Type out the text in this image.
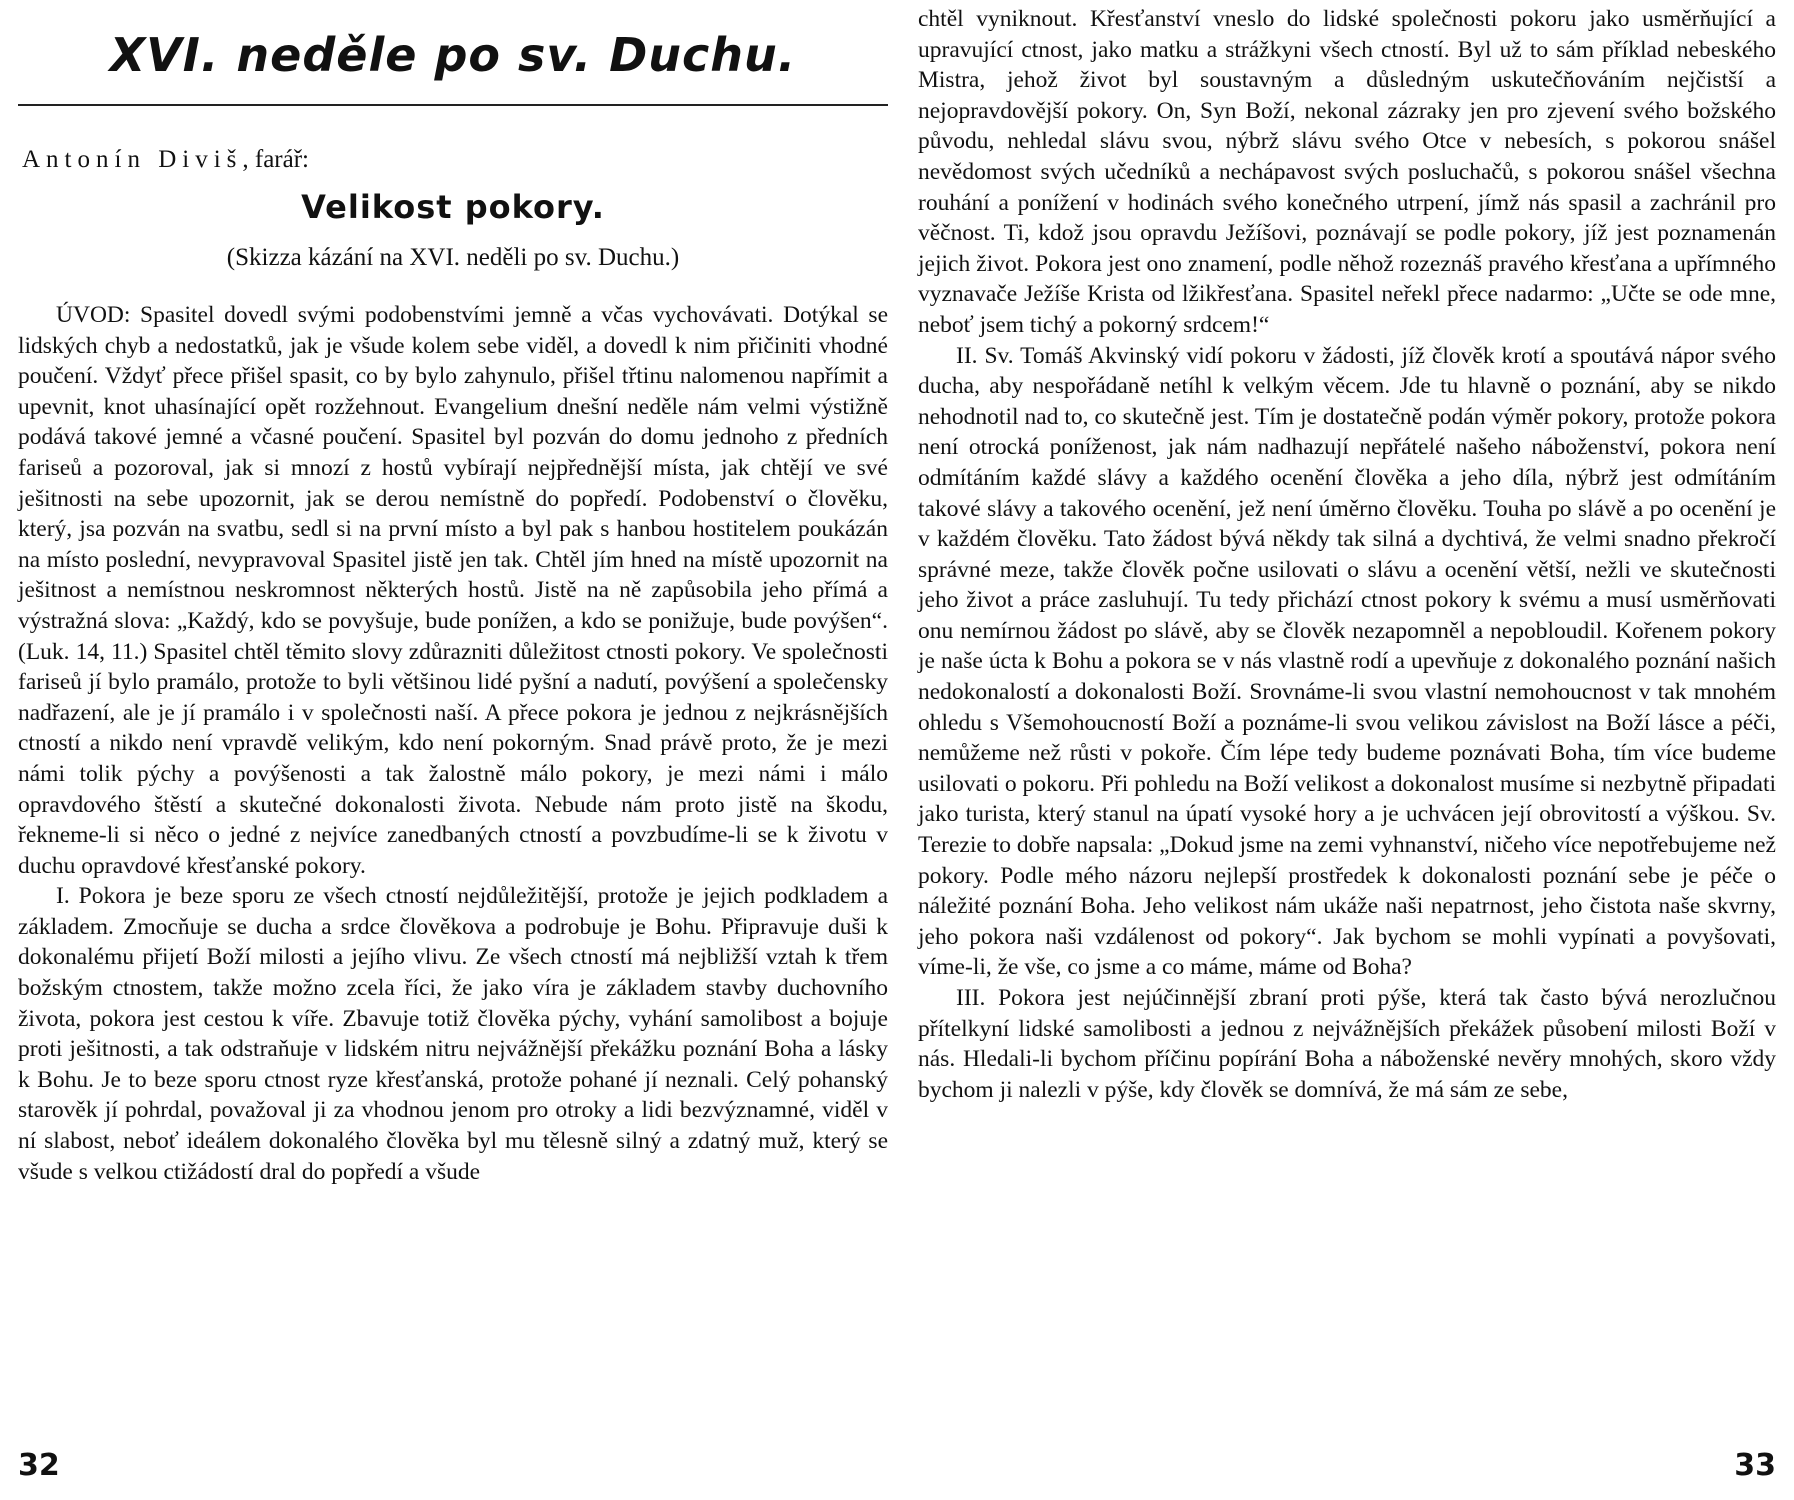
XVI. neděle po sv. Duchu.
Antonín Diviš, farář:
Velikost pokory.
(Skizza kázání na XVI. neděli po sv. Duchu.)

ÚVOD: Spasitel dovedl svými podobenstvími jemně a včas vychovávati. Dotýkal se lidských chyb a nedostatků, jak je všude kolem sebe viděl, a dovedl k nim přičiniti vhodné poučení. Vždyť přece přišel spasit, co by bylo zahynulo, přišel třtinu nalomenou napřímit a upevnit, knot uhasínající opět rozžehnout. Evangelium dnešní neděle nám velmi výstižně podává takové jemné a včasné poučení. Spasitel byl pozván do domu jednoho z předních fariseů a pozoroval, jak si mnozí z hostů vybírají nejpřednější místa, jak chtějí ve své ješitnosti na sebe upozornit, jak se derou nemístně do popředí. Podobenství o člověku, který, jsa pozván na svatbu, sedl si na první místo a byl pak s hanbou hostitelem poukázán na místo poslední, nevypravoval Spasitel jistě jen tak. Chtěl jím hned na místě upozornit na ješitnost a nemístnou neskromnost některých hostů. Jistě na ně zapůsobila jeho přímá a výstražná slova: „Každý, kdo se povyšuje, bude ponížen, a kdo se ponižuje, bude povýšen“. (Luk. 14, 11.) Spasitel chtěl těmito slovy zdůrazniti důležitost ctnosti pokory. Ve společnosti fariseů jí bylo pramálo, protože to byli většinou lidé pyšní a nadutí, povýšení a společensky nadřazení, ale je jí pramálo i v společnosti naší. A přece pokora je jednou z nejkrásnějších ctností a nikdo není vpravdě velikým, kdo není pokorným. Snad právě proto, že je mezi námi tolik pýchy a povýšenosti a tak žalostně málo pokory, je mezi námi i málo opravdového štěstí a skutečné dokonalosti života. Nebude nám proto jistě na škodu, řekneme-li si něco o jedné z nejvíce zanedbaných ctností a povzbudíme-li se k životu v duchu opravdové křesťanské pokory.

I. Pokora je beze sporu ze všech ctností nejdůležitější, protože je jejich podkladem a základem. Zmocňuje se ducha a srdce člověkova a podrobuje je Bohu. Připravuje duši k dokonalému přijetí Boží milosti a jejího vlivu. Ze všech ctností má nejbližší vztah k třem božským ctnostem, takže možno zcela říci, že jako víra je základem stavby duchovního života, pokora jest cestou k víře. Zbavuje totiž člověka pýchy, vyhání samolibost a bojuje proti ješitnosti, a tak odstraňuje v lidském nitru nejvážnější překážku poznání Boha a lásky k Bohu. Je to beze sporu ctnost ryze křesťanská, protože pohané jí neznali. Celý pohanský starověk jí pohrdal, považoval ji za vhodnou jenom pro otroky a lidi bezvýznamné, viděl v ní slabost, neboť ideálem dokonalého člověka byl mu tělesně silný a zdatný muž, který se všude s velkou ctižádostí dral do popředí a všude

32

chtěl vyniknout. Křesťanství vneslo do lidské společnosti pokoru jako usměrňující a upravující ctnost, jako matku a strážkyni všech ctností. Byl už to sám příklad nebeského Mistra, jehož život byl soustavným a důsledným uskutečňováním nejčistší a nejopravdovější pokory. On, Syn Boží, nekonal zázraky jen pro zjevení svého božského původu, nehledal slávu svou, nýbrž slávu svého Otce v nebesích, s pokorou snášel nevědomost svých učedníků a nechápavost svých posluchačů, s pokorou snášel všechna rouhání a ponížení v hodinách svého konečného utrpení, jímž nás spasil a zachránil pro věčnost. Ti, kdož jsou opravdu Ježíšovi, poznávají se podle pokory, jíž jest poznamenán jejich život. Pokora jest ono znamení, podle něhož rozeznáš pravého křesťana a upřímného vyznavače Ježíše Krista od lžikřesťana. Spasitel neřekl přece nadarmo: „Učte se ode mne, neboť jsem tichý a pokorný srdcem!“

II. Sv. Tomáš Akvinský vidí pokoru v žádosti, jíž člověk krotí a spoutává nápor svého ducha, aby nespořádaně netíhl k velkým věcem. Jde tu hlavně o poznání, aby se nikdo nehodnotil nad to, co skutečně jest. Tím je dostatečně podán výměr pokory, protože pokora není otrocká poníženost, jak nám nadhazují nepřátelé našeho náboženství, pokora není odmítáním každé slávy a každého ocenění člověka a jeho díla, nýbrž jest odmítáním takové slávy a takového ocenění, jež není úměrno člověku. Touha po slávě a po ocenění je v každém člověku. Tato žádost bývá někdy tak silná a dychtivá, že velmi snadno překročí správné meze, takže člověk počne usilovati o slávu a ocenění větší, nežli ve skutečnosti jeho život a práce zasluhují. Tu tedy přichází ctnost pokory k svému a musí usměrňovati onu nemírnou žádost po slávě, aby se člověk nezapomněl a nepobloudil. Kořenem pokory je naše úcta k Bohu a pokora se v nás vlastně rodí a upevňuje z dokonalého poznání našich nedokonalostí a dokonalosti Boží. Srovnáme-li svou vlastní nemohoucnost v tak mnohém ohledu s Všemohoucností Boží a poznáme-li svou velikou závislost na Boží lásce a péči, nemůžeme než růsti v pokoře. Čím lépe tedy budeme poznávati Boha, tím více budeme usilovati o pokoru. Při pohledu na Boží velikost a dokonalost musíme si nezbytně připadati jako turista, který stanul na úpatí vysoké hory a je uchvácen její obrovitostí a výškou. Sv. Terezie to dobře napsala: „Dokud jsme na zemi vyhnanství, ničeho více nepotřebujeme než pokory. Podle mého názoru nejlepší prostředek k dokonalosti poznání sebe je péče o náležité poznání Boha. Jeho velikost nám ukáže naši nepatrnost, jeho čistota naše skvrny, jeho pokora naši vzdálenost od pokory“. Jak bychom se mohli vypínati a povyšovati, víme-li, že vše, co jsme a co máme, máme od Boha?

III. Pokora jest nejúčinnější zbraní proti pýše, která tak často bývá nerozlučnou přítelkyní lidské samolibosti a jednou z nejvážnějších překážek působení milosti Boží v nás. Hledali-li bychom příčinu popírání Boha a náboženské nevěry mnohých, skoro vždy bychom ji nalezli v pýše, kdy člověk se domnívá, že má sám ze sebe,

33
